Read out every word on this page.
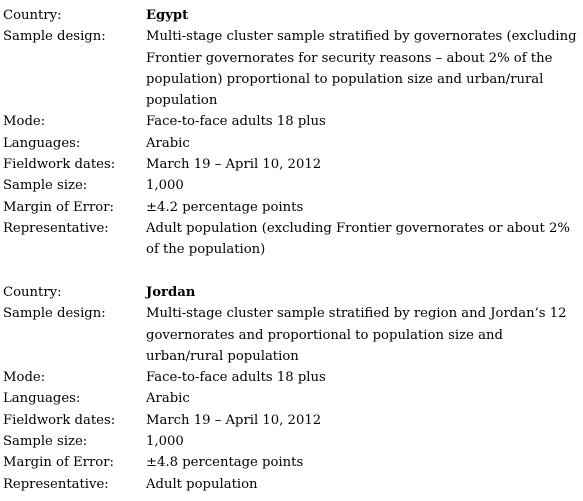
Country:	Egypt
Sample design:	Multi-stage cluster sample stratified by governorates (excluding Frontier governorates for security reasons – about 2% of the population) proportional to population size and urban/rural population
Mode:	Face-to-face adults 18 plus
Languages:	Arabic
Fieldwork dates:	March 19 – April 10, 2012
Sample size:	1,000
Margin of Error:	±4.2 percentage points
Representative:	Adult population (excluding Frontier governorates or about 2% of the population)
Country:	Jordan
Sample design:	Multi-stage cluster sample stratified by region and Jordan’s 12 governorates and proportional to population size and urban/rural population
Mode:	Face-to-face adults 18 plus
Languages:	Arabic
Fieldwork dates:	March 19 – April 10, 2012
Sample size:	1,000
Margin of Error:	±4.8 percentage points
Representative:	Adult population
